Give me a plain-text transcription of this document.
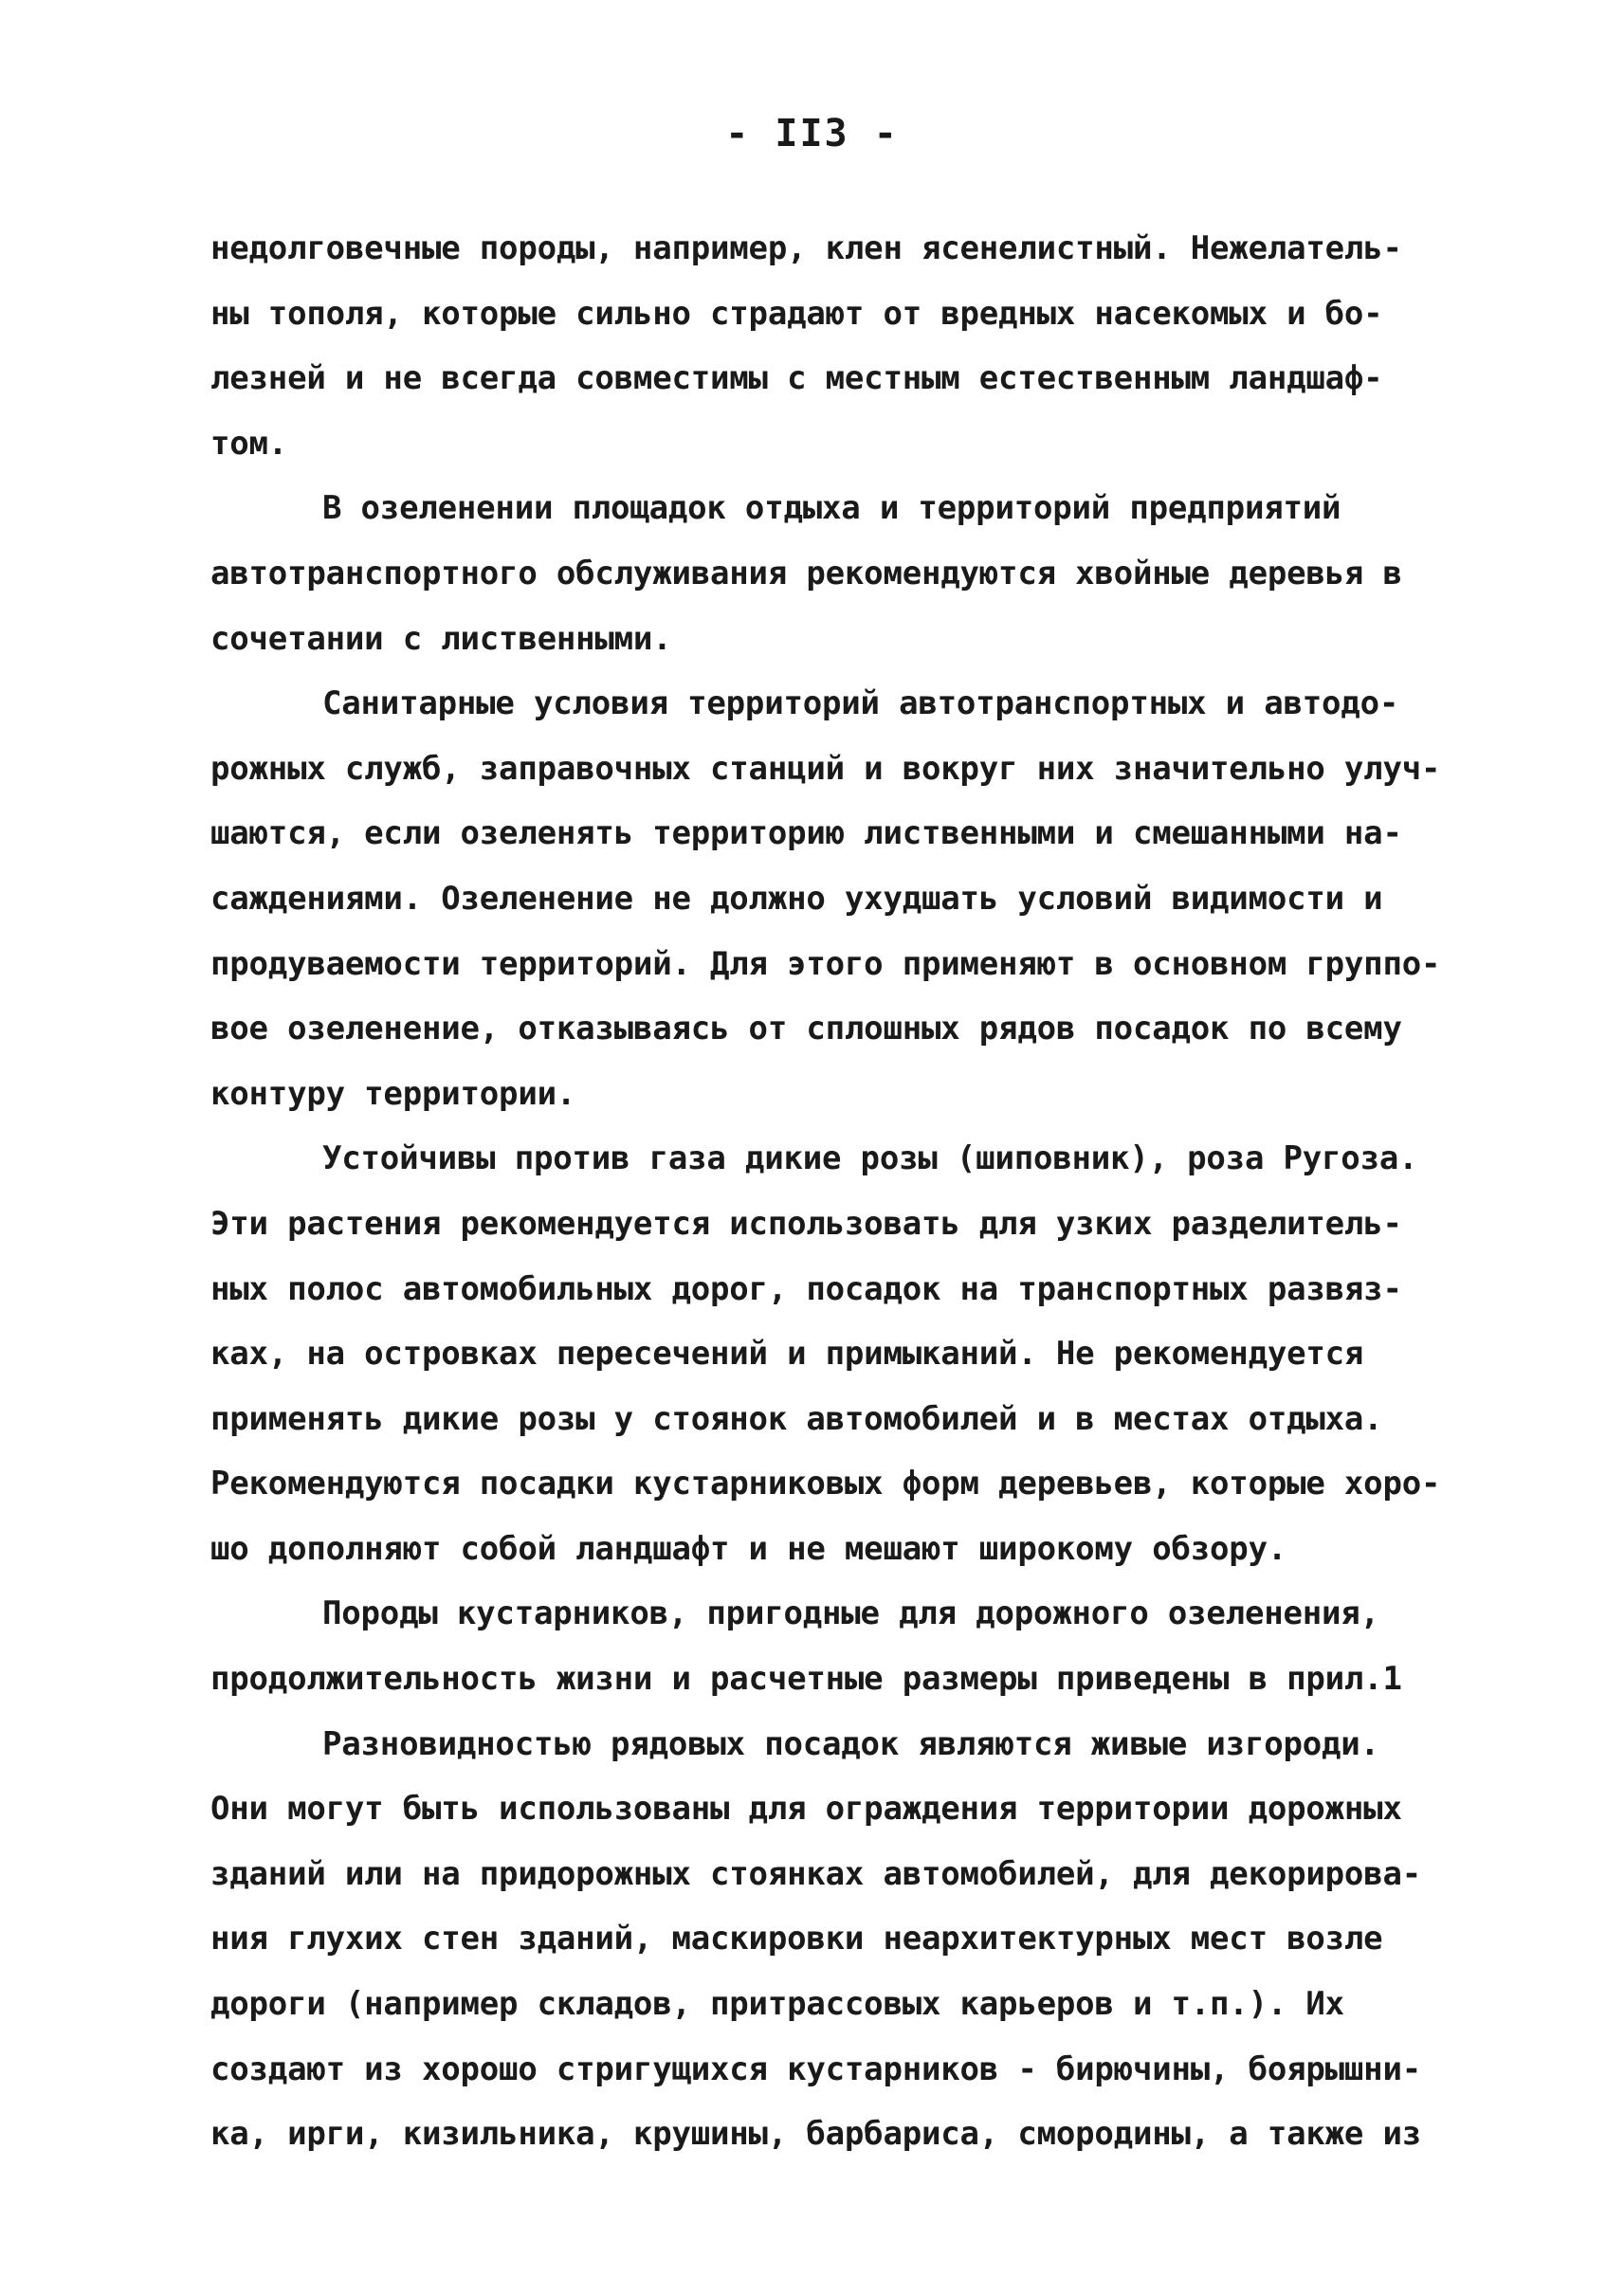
- II3 -
недолговечные породы, например, клен ясенелистный. Нежелатель-
ны тополя, которые сильно страдают от вредных насекомых и бо-
лезней и не всегда совместимы с местным естественным ландшаф-
том.
В озеленении площадок отдыха и территорий предприятий
автотранспортного обслуживания рекомендуются хвойные деревья в
сочетании с лиственными.
Санитарные условия территорий автотранспортных и автодо-
рожных служб, заправочных станций и вокруг них значительно улуч-
шаются, если озеленять территорию лиственными и смешанными на-
саждениями. Озеленение не должно ухудшать условий видимости и
продуваемости территорий. Для этого применяют в основном группо-
вое озеленение, отказываясь от сплошных рядов посадок по всему
контуру территории.
Устойчивы против газа дикие розы (шиповник), роза Ругоза.
Эти растения рекомендуется использовать для узких разделитель-
ных полос автомобильных дорог, посадок на транспортных развяз-
ках, на островках пересечений и примыканий. Не рекомендуется
применять дикие розы у стоянок автомобилей и в местах отдыха.
Рекомендуются посадки кустарниковых форм деревьев, которые хоро-
шо дополняют собой ландшафт и не мешают широкому обзору.
Породы кустарников, пригодные для дорожного озеленения,
продолжительность жизни и расчетные размеры приведены в прил.1
Разновидностью рядовых посадок являются живые изгороди.
Они могут быть использованы для ограждения территории дорожных
зданий или на придорожных стоянках автомобилей, для декорирова-
ния глухих стен зданий, маскировки неархитектурных мест возле
дороги (например складов, притрассовых карьеров и т.п.). Их
создают из хорошо стригущихся кустарников - бирючины, боярышни-
ка, ирги, кизильника, крушины, барбариса, смородины, а также из
